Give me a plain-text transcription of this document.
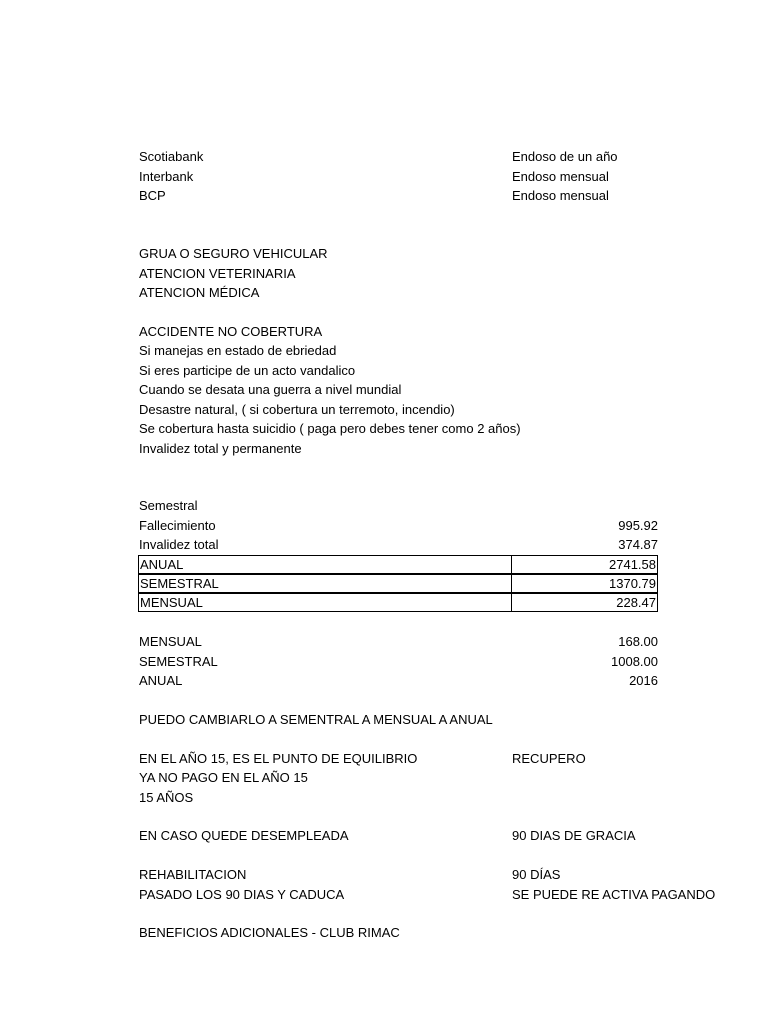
Scotiabank	Endoso de un año
Interbank	Endoso mensual
BCP	Endoso mensual
GRUA O SEGURO VEHICULAR
ATENCION VETERINARIA
ATENCION MÉDICA
ACCIDENTE NO COBERTURA
Si manejas en estado de ebriedad
Si eres participe de un acto vandalico
Cuando se desata una guerra a nivel mundial
Desastre natural, ( si cobertura un terremoto, incendio)
Se cobertura hasta suicidio ( paga pero debes tener como 2 años)
Invalidez total y permanente
Semestral
Fallecimiento	995.92
Invalidez total	374.87
ANUAL	2741.58
SEMESTRAL	1370.79
MENSUAL	228.47
MENSUAL	168.00
SEMESTRAL	1008.00
ANUAL	2016
PUEDO CAMBIARLO A SEMENTRAL A MENSUAL A ANUAL
EN EL AÑO 15, ES EL PUNTO DE EQUILIBRIO	RECUPERO
YA NO PAGO EN EL AÑO 15
15 AÑOS
EN CASO QUEDE DESEMPLEADA	90 DIAS DE GRACIA
REHABILITACION	90 DÍAS
PASADO LOS 90 DIAS Y CADUCA	SE PUEDE RE ACTIVA PAGANDO
BENEFICIOS ADICIONALES - CLUB RIMAC
